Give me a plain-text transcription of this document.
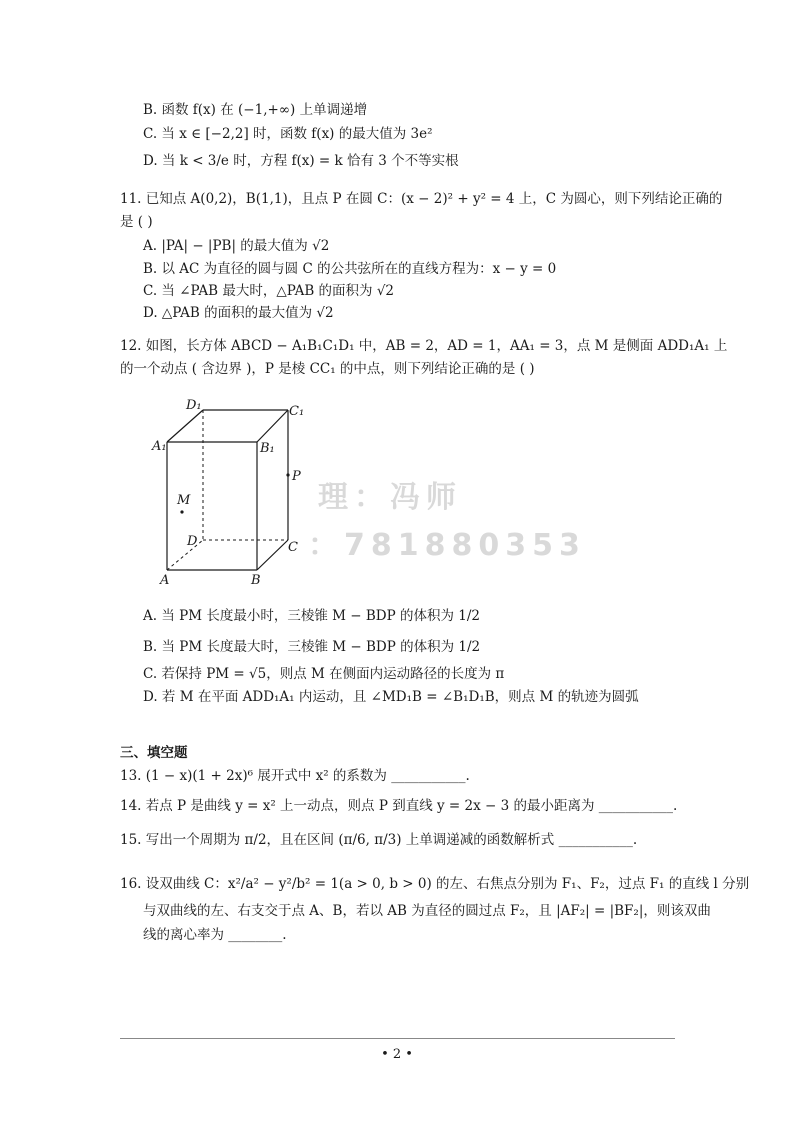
B. 函数 f(x) 在 (−1,+∞) 上单调递增
C. 当 x ∈ [−2,2] 时，函数 f(x) 的最大值为 3e²
D. 当 k < 3/e 时，方程 f(x) = k 恰有 3 个不等实根
11. 已知点 A(0,2)，B(1,1)，且点 P 在圆 C：(x − 2)² + y² = 4 上，C 为圆心，则下列结论正确的
是 ( )
A. |PA| − |PB| 的最大值为 √2
B. 以 AC 为直径的圆与圆 C 的公共弦所在的直线方程为：x − y = 0
C. 当 ∠PAB 最大时，△PAB 的面积为 √2
D. △PAB 的面积的最大值为 √2
12. 如图，长方体 ABCD − A₁B₁C₁D₁ 中，AB = 2，AD = 1，AA₁ = 3，点 M 是侧面 ADD₁A₁ 上
的一个动点 ( 含边界 )，P 是棱 CC₁ 的中点，则下列结论正确的是 ( )
D₁	C₁
A₁	B₁
P
M
D	C
A	B
理：冯师
：781880353
A. 当 PM 长度最小时，三棱锥 M − BDP 的体积为 1/2
B. 当 PM 长度最大时，三棱锥 M − BDP 的体积为 1/2
C. 若保持 PM = √5，则点 M 在侧面内运动路径的长度为 π
D. 若 M 在平面 ADD₁A₁ 内运动，且 ∠MD₁B = ∠B₁D₁B，则点 M 的轨迹为圆弧
三、填空题
13. (1 − x)(1 + 2x)⁶ 展开式中 x² 的系数为 ___________.
14. 若点 P 是曲线 y = x² 上一动点，则点 P 到直线 y = 2x − 3 的最小距离为 ___________.
15. 写出一个周期为 π/2，且在区间 (π/6, π/3) 上单调递减的函数解析式 ___________.
16. 设双曲线 C：x²/a² − y²/b² = 1(a > 0, b > 0) 的左、右焦点分别为 F₁、F₂，过点 F₁ 的直线 l 分别
与双曲线的左、右支交于点 A、B，若以 AB 为直径的圆过点 F₂，且 |AF₂| = |BF₂|，则该双曲
线的离心率为 ________.
• 2 •
